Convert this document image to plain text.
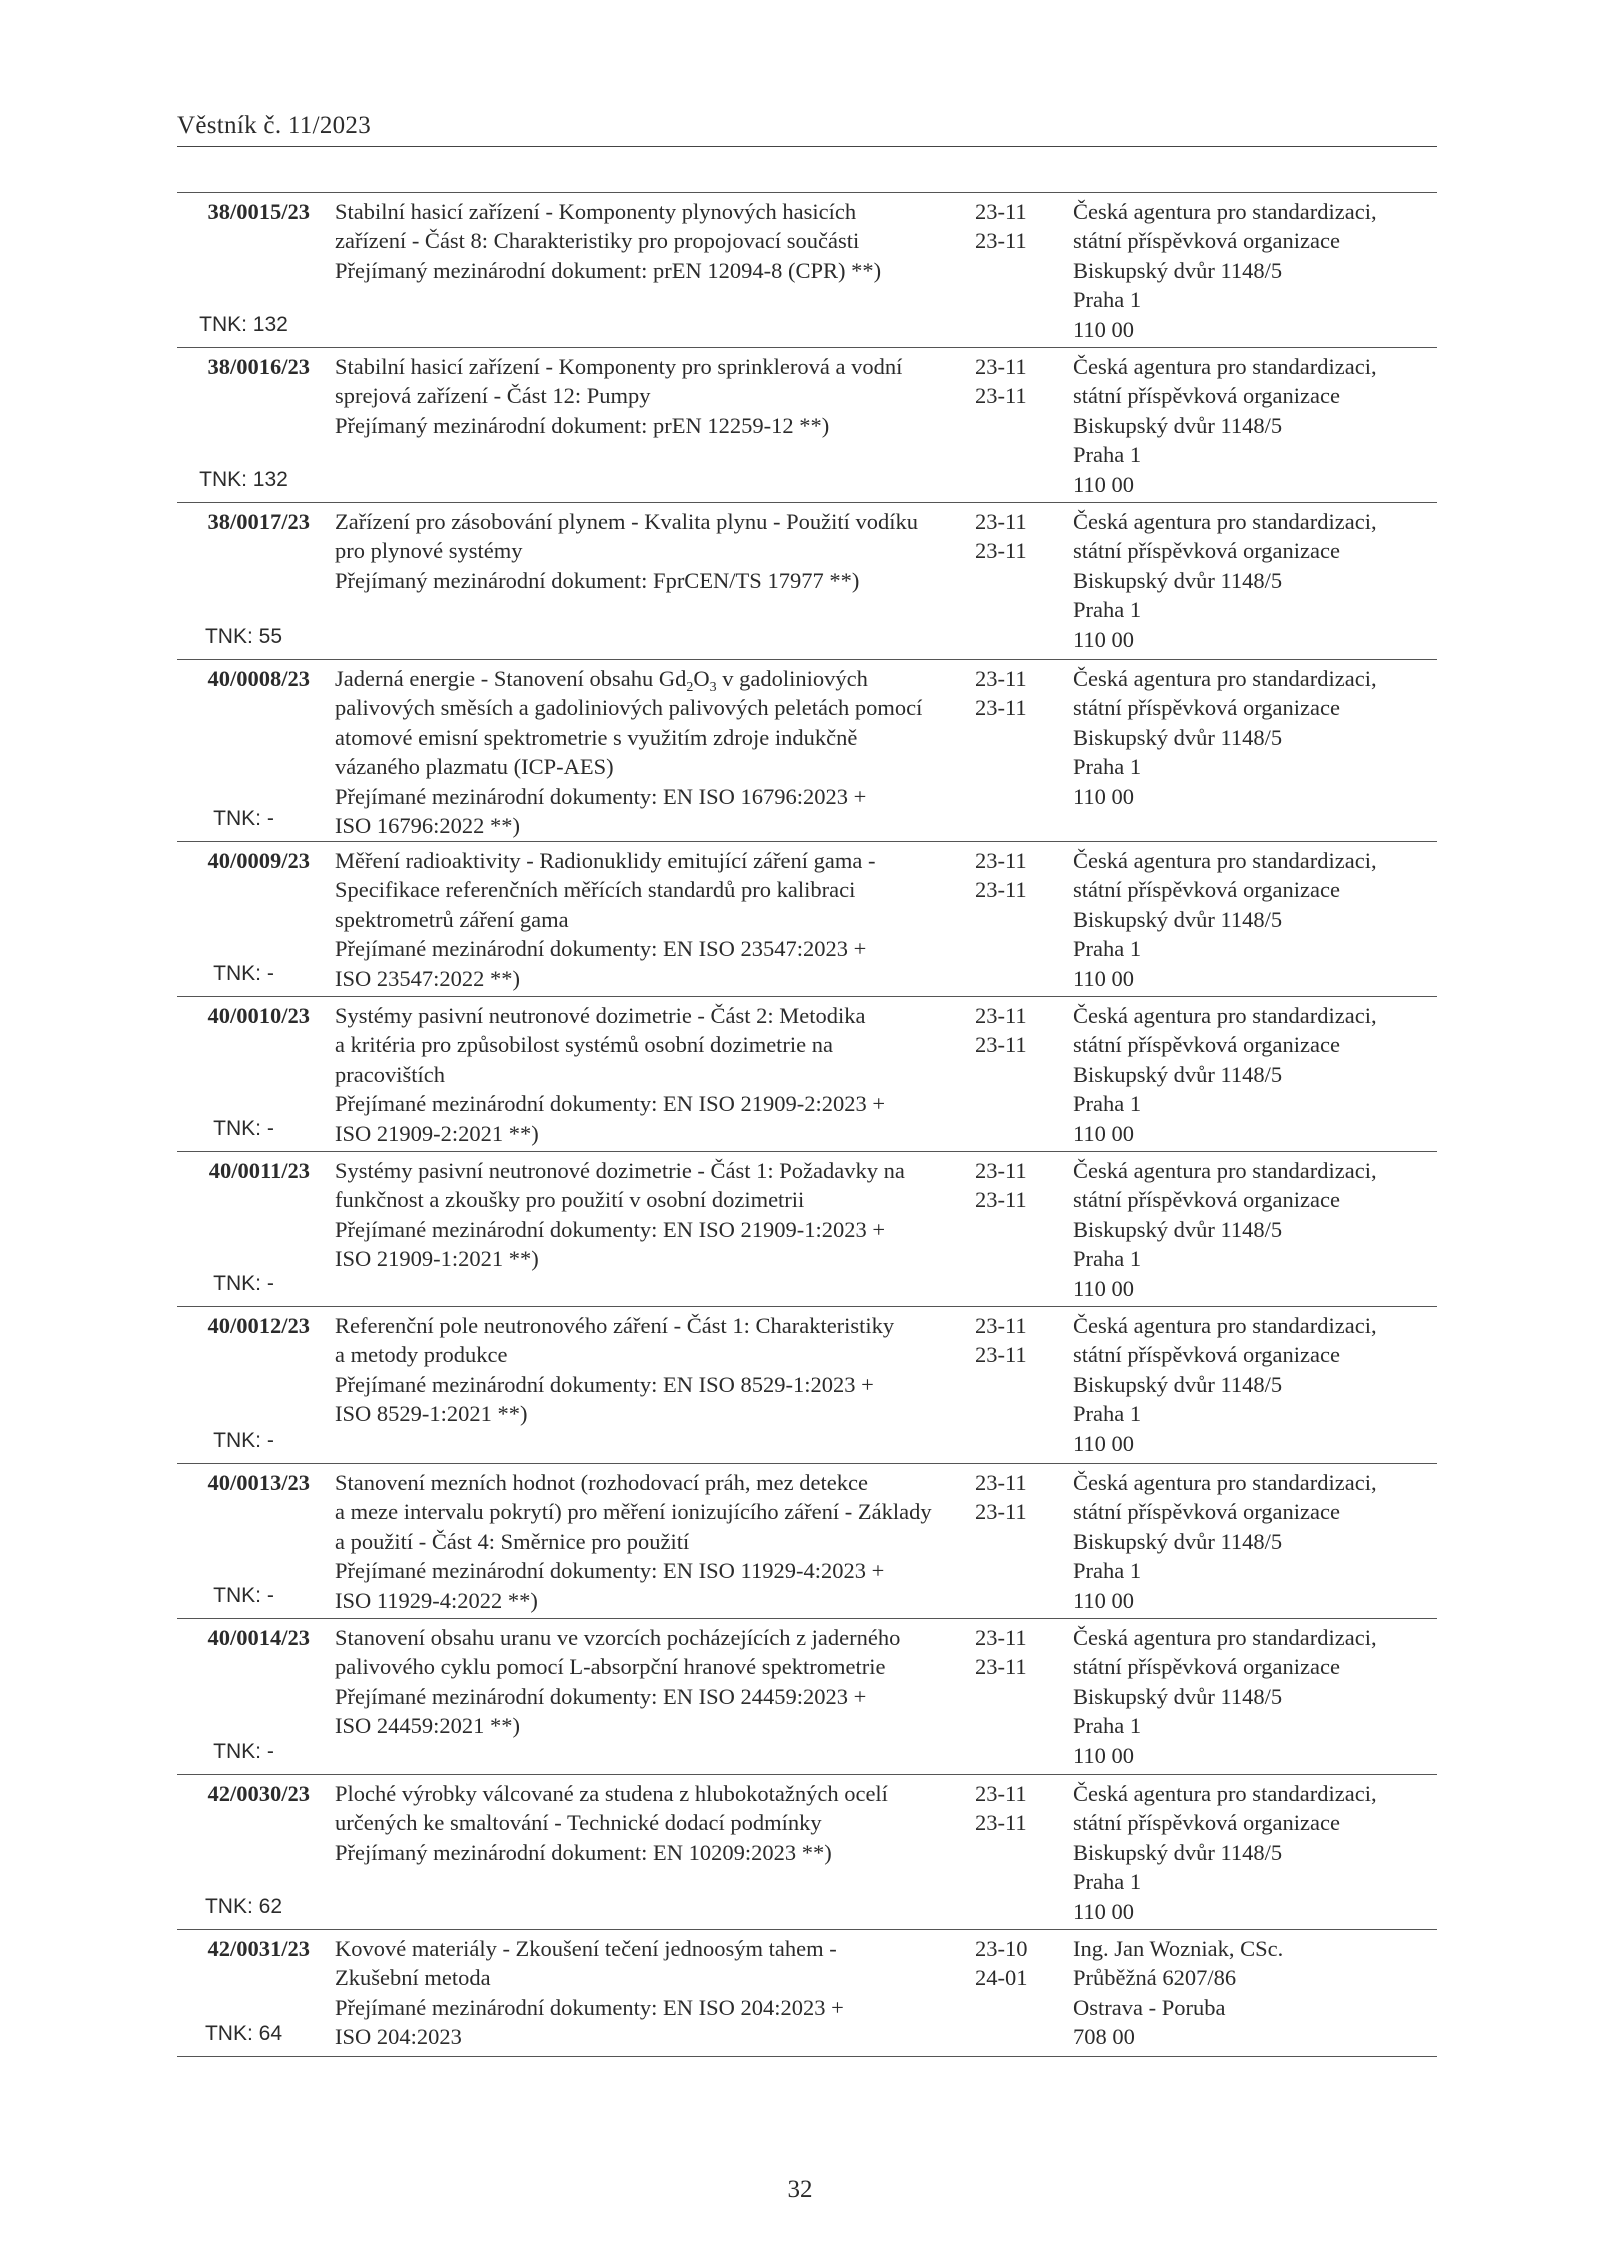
Věstník č. 11/2023
38/0015/23
TNK: 132
Stabilní hasicí zařízení - Komponenty plynových hasicích
zařízení - Část 8: Charakteristiky pro propojovací součásti
Přejímaný mezinárodní dokument: prEN 12094-8 (CPR) **)
23-11
23-11
Česká agentura pro standardizaci,
státní příspěvková organizace
Biskupský dvůr 1148/5
Praha 1
110 00
38/0016/23
TNK: 132
Stabilní hasicí zařízení - Komponenty pro sprinklerová a vodní
sprejová zařízení - Část 12: Pumpy
Přejímaný mezinárodní dokument: prEN 12259-12 **)
23-11
23-11
Česká agentura pro standardizaci,
státní příspěvková organizace
Biskupský dvůr 1148/5
Praha 1
110 00
38/0017/23
TNK: 55
Zařízení pro zásobování plynem - Kvalita plynu - Použití vodíku
pro plynové systémy
Přejímaný mezinárodní dokument: FprCEN/TS 17977 **)
23-11
23-11
Česká agentura pro standardizaci,
státní příspěvková organizace
Biskupský dvůr 1148/5
Praha 1
110 00
40/0008/23
TNK: -
Jaderná energie - Stanovení obsahu $Gd_2O_3$ v gadoliniových
palivových směsích a gadoliniových palivových peletách pomocí
atomové emisní spektrometrie s využitím zdroje indukčně
vázaného plazmatu (ICP-AES)
Přejímané mezinárodní dokumenty: EN ISO 16796:2023 +
ISO 16796:2022 **)
23-11
23-11
Česká agentura pro standardizaci,
státní příspěvková organizace
Biskupský dvůr 1148/5
Praha 1
110 00
40/0009/23
TNK: -
Měření radioaktivity - Radionuklidy emitující záření gama -
Specifikace referenčních měřících standardů pro kalibraci
spektrometrů záření gama
Přejímané mezinárodní dokumenty: EN ISO 23547:2023 +
ISO 23547:2022 **)
23-11
23-11
Česká agentura pro standardizaci,
státní příspěvková organizace
Biskupský dvůr 1148/5
Praha 1
110 00
40/0010/23
TNK: -
Systémy pasivní neutronové dozimetrie - Část 2: Metodika
a kritéria pro způsobilost systémů osobní dozimetrie na
pracovištích
Přejímané mezinárodní dokumenty: EN ISO 21909-2:2023 +
ISO 21909-2:2021 **)
23-11
23-11
Česká agentura pro standardizaci,
státní příspěvková organizace
Biskupský dvůr 1148/5
Praha 1
110 00
40/0011/23
TNK: -
Systémy pasivní neutronové dozimetrie - Část 1: Požadavky na
funkčnost a zkoušky pro použití v osobní dozimetrii
Přejímané mezinárodní dokumenty: EN ISO 21909-1:2023 +
ISO 21909-1:2021 **)
23-11
23-11
Česká agentura pro standardizaci,
státní příspěvková organizace
Biskupský dvůr 1148/5
Praha 1
110 00
40/0012/23
TNK: -
Referenční pole neutronového záření - Část 1: Charakteristiky
a metody produkce
Přejímané mezinárodní dokumenty: EN ISO 8529-1:2023 +
ISO 8529-1:2021 **)
23-11
23-11
Česká agentura pro standardizaci,
státní příspěvková organizace
Biskupský dvůr 1148/5
Praha 1
110 00
40/0013/23
TNK: -
Stanovení mezních hodnot (rozhodovací práh, mez detekce
a meze intervalu pokrytí) pro měření ionizujícího záření - Základy
a použití - Část 4: Směrnice pro použití
Přejímané mezinárodní dokumenty: EN ISO 11929-4:2023 +
ISO 11929-4:2022 **)
23-11
23-11
Česká agentura pro standardizaci,
státní příspěvková organizace
Biskupský dvůr 1148/5
Praha 1
110 00
40/0014/23
TNK: -
Stanovení obsahu uranu ve vzorcích pocházejících z jaderného
palivového cyklu pomocí L-absorpční hranové spektrometrie
Přejímané mezinárodní dokumenty: EN ISO 24459:2023 +
ISO 24459:2021 **)
23-11
23-11
Česká agentura pro standardizaci,
státní příspěvková organizace
Biskupský dvůr 1148/5
Praha 1
110 00
42/0030/23
TNK: 62
Ploché výrobky válcované za studena z hlubokotažných ocelí
určených ke smaltování - Technické dodací podmínky
Přejímaný mezinárodní dokument: EN 10209:2023 **)
23-11
23-11
Česká agentura pro standardizaci,
státní příspěvková organizace
Biskupský dvůr 1148/5
Praha 1
110 00
42/0031/23
TNK: 64
Kovové materiály - Zkoušení tečení jednoosým tahem -
Zkušební metoda
Přejímané mezinárodní dokumenty: EN ISO 204:2023 +
ISO 204:2023
23-10
24-01
Ing. Jan Wozniak, CSc.
Průběžná 6207/86
Ostrava - Poruba
708 00
32
